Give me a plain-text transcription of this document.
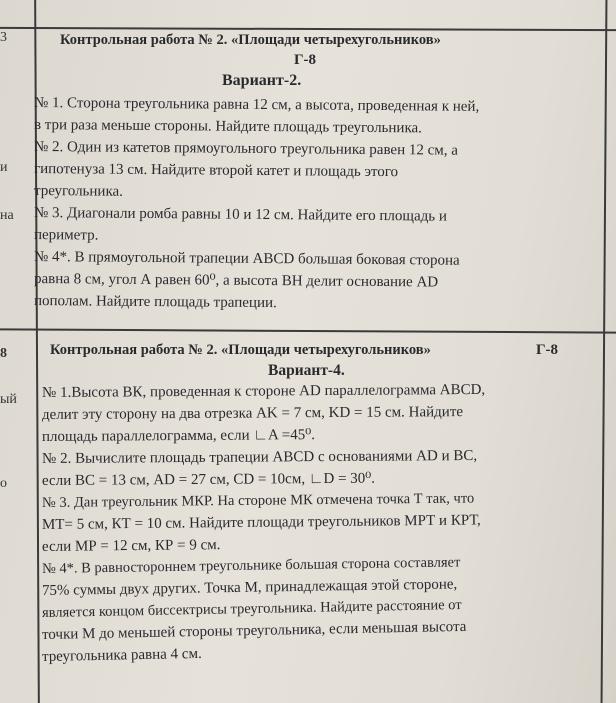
3
и
на
8
ый
о
Контрольная работа № 2. «Площади четырехугольников»
Г-8
Вариант-2.
№ 1. Сторона треугольника равна 12 см, а высота, проведенная к ней,
в три раза меньше стороны. Найдите площадь треугольника.
№ 2. Один из катетов прямоугольного треугольника равен 12 см, а
гипотенуза 13 см. Найдите второй катет и площадь этого
треугольника.
№ 3. Диагонали ромба равны 10 и 12 см. Найдите его площадь и
периметр.
№ 4*. В прямоугольной трапеции ABCD большая боковая сторона
равна 8 см, угол А равен 60⁰, а высота BH делит основание AD
пополам. Найдите площадь трапеции.
Контрольная работа № 2. «Площади четырехугольников»	Г-8
Вариант-4.
№ 1.Высота ВК, проведенная к стороне AD параллелограмма ABCD,
делит эту сторону на два отрезка AK = 7 см, KD = 15 см. Найдите
площадь параллелограмма, если ∟A =45⁰.
№ 2. Вычислите площадь трапеции ABCD с основаниями AD и BC,
если BC = 13 см, AD = 27 см, CD = 10см, ∟D = 30⁰.
№ 3. Дан треугольник МКР. На стороне МК отмечена точка Т так, что
МТ= 5 см, КТ = 10 см. Найдите площади треугольников МРТ и КРТ,
если МР = 12 см, КР = 9 см.
№ 4*. В равностороннем треугольнике большая сторона составляет
75% суммы двух других. Точка М, принадлежащая этой стороне,
является концом биссектрисы треугольника. Найдите расстояние от
точки М до меньшей стороны треугольника, если меньшая высота
треугольника равна 4 см.
